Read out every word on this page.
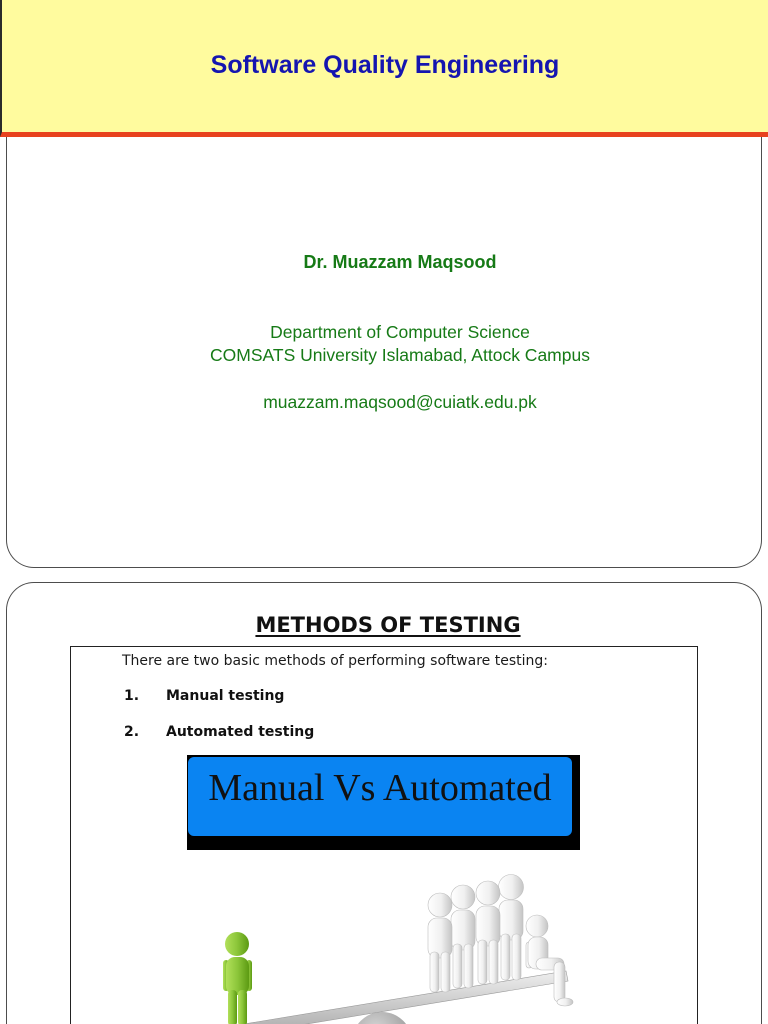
Software Quality Engineering
Dr. Muazzam Maqsood
Department of Computer Science
COMSATS University Islamabad, Attock Campus
muazzam.maqsood@cuiatk.edu.pk
METHODS OF TESTING
There are two basic methods of performing software testing:
1. Manual testing
2. Automated testing
Manual Vs Automated
